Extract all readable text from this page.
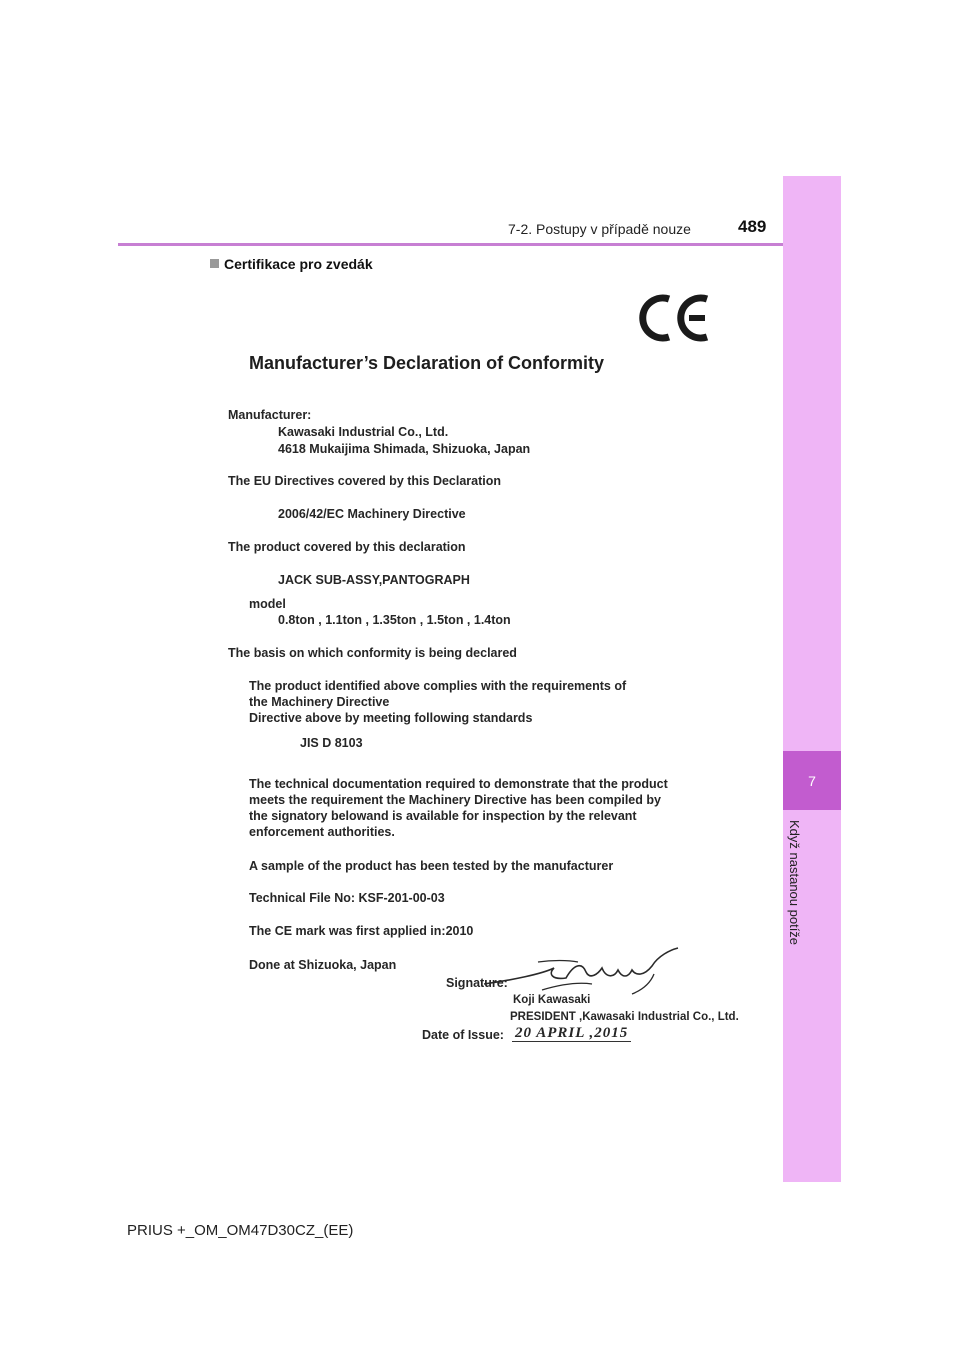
7-2. Postupy v případě nouze	489
7
Když nastanou potíže
Certifikace pro zvedák
Manufacturer’s Declaration of Conformity
Manufacturer:
Kawasaki Industrial Co., Ltd.
4618 Mukaijima Shimada, Shizuoka, Japan
The EU Directives covered by this Declaration
2006/42/EC Machinery Directive
The product covered by this declaration
JACK SUB-ASSY,PANTOGRAPH
model
0.8ton , 1.1ton , 1.35ton , 1.5ton , 1.4ton
The basis on which conformity is being declared
The product identified above complies with the requirements of
the Machinery Directive
Directive above by meeting following standards
JIS D 8103
The technical documentation required to demonstrate that the product
meets the requirement the Machinery Directive has been compiled by
the signatory belowand is available for inspection by the relevant
enforcement authorities.
A sample of the product has been tested by the manufacturer
Technical File No: KSF-201-00-03
The CE mark was first applied in:2010
Done at Shizuoka, Japan
Signature:
Koji Kawasaki
PRESIDENT ,Kawasaki Industrial Co., Ltd.
Date of Issue: 20 APRIL ,2015
PRIUS +_OM_OM47D30CZ_(EE)
